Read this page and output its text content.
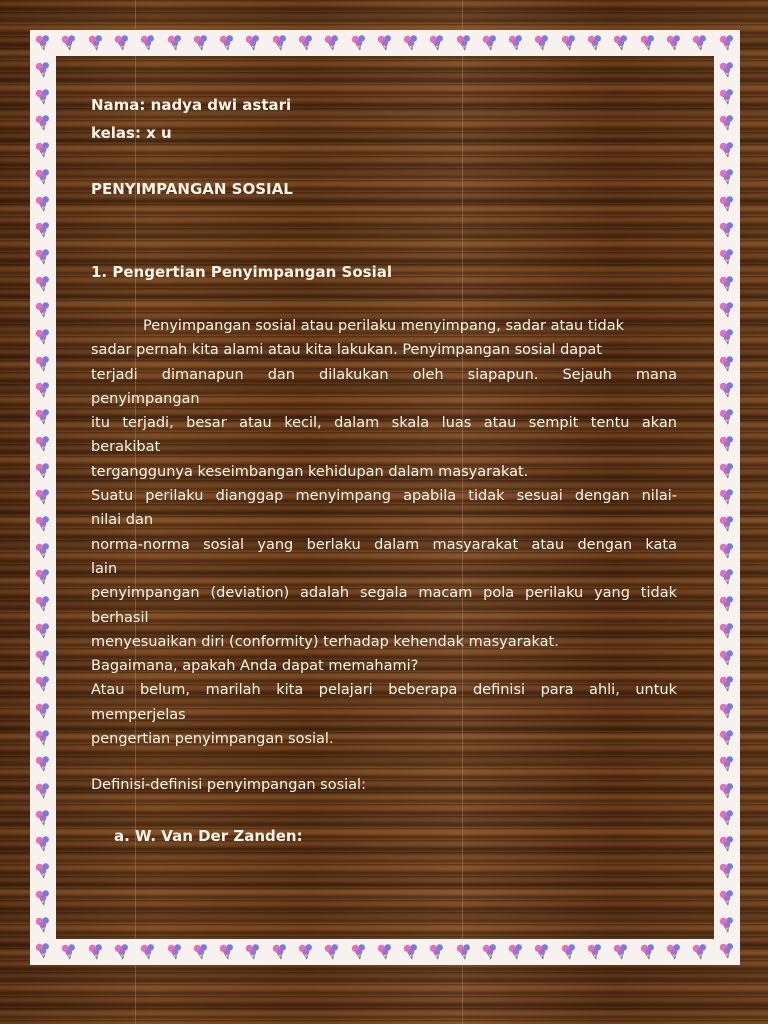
Nama: nadya dwi astari

kelas: x u

PENYIMPANGAN SOSIAL

1. Pengertian Penyimpangan Sosial

Penyimpangan sosial atau perilaku menyimpang, sadar atau tidak

sadar pernah kita alami atau kita lakukan. Penyimpangan sosial dapat

terjadi dimanapun dan dilakukan oleh siapapun. Sejauh mana

penyimpangan

itu terjadi, besar atau kecil, dalam skala luas atau sempit tentu akan

berakibat

terganggunya keseimbangan kehidupan dalam masyarakat.

Suatu perilaku dianggap menyimpang apabila tidak sesuai dengan nilai-

nilai dan

norma-norma sosial yang berlaku dalam masyarakat atau dengan kata

lain

penyimpangan (deviation) adalah segala macam pola perilaku yang tidak

berhasil

menyesuaikan diri (conformity) terhadap kehendak masyarakat.

Bagaimana, apakah Anda dapat memahami?

Atau belum, marilah kita pelajari beberapa definisi para ahli, untuk

memperjelas

pengertian penyimpangan sosial.

Definisi-definisi penyimpangan sosial:

a. W. Van Der Zanden:
